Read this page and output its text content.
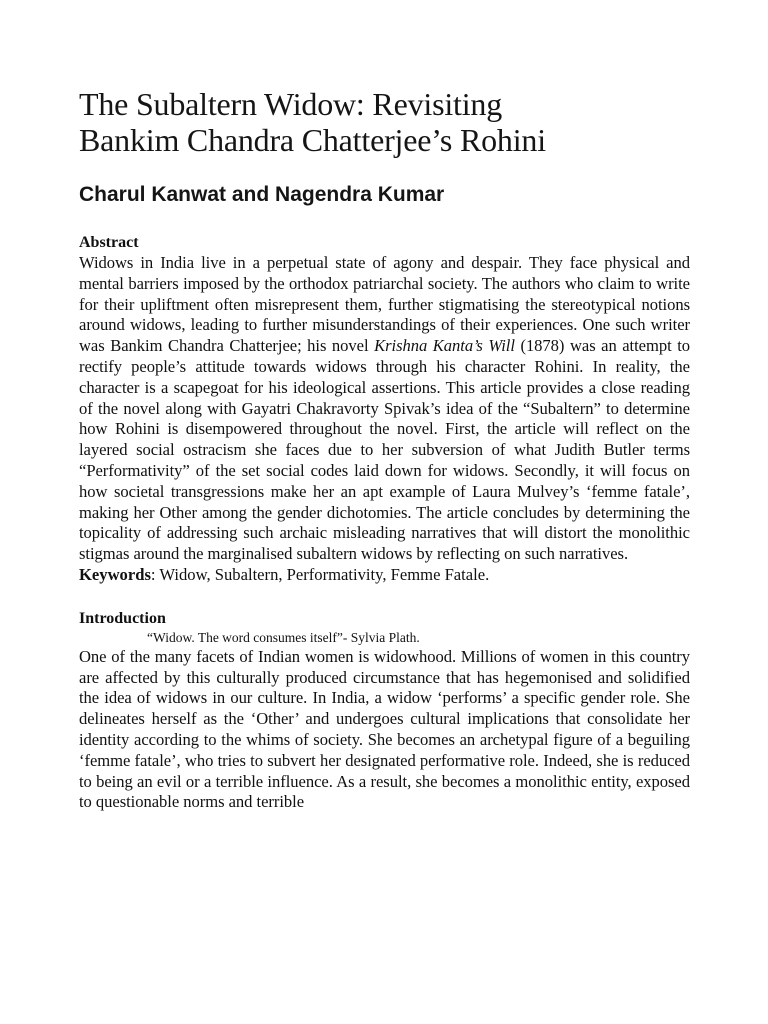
The Subaltern Widow: Revisiting
Bankim Chandra Chatterjee’s Rohini
Charul Kanwat and Nagendra Kumar
Abstract

Widows in India live in a perpetual state of agony and despair. They face physical and mental barriers imposed by the orthodox patriarchal society. The authors who claim to write for their upliftment often misrepresent them, further stigmatising the stereotypical notions around widows, leading to further misunderstandings of their experiences. One such writer was Bankim Chandra Chatterjee; his novel Krishna Kanta’s Will (1878) was an attempt to rectify people’s attitude towards widows through his character Rohini. In reality, the character is a scapegoat for his ideological assertions. This article provides a close reading of the novel along with Gayatri Chakravorty Spivak’s idea of the “Subaltern” to determine how Rohini is disempowered throughout the novel. First, the article will reflect on the layered social ostracism she faces due to her subversion of what Judith Butler terms “Performativity” of the set social codes laid down for widows. Secondly, it will focus on how societal transgressions make her an apt example of Laura Mulvey’s ‘femme fatale’, making her Other among the gender dichotomies. The article concludes by determining the topicality of addressing such archaic misleading narratives that will distort the monolithic stigmas around the marginalised subaltern widows by reflecting on such narratives.

Keywords: Widow, Subaltern, Performativity, Femme Fatale.

Introduction

“Widow. The word consumes itself”- Sylvia Plath.

One of the many facets of Indian women is widowhood. Millions of women in this country are affected by this culturally produced circumstance that has hegemonised and solidified the idea of widows in our culture. In India, a widow ‘performs’ a specific gender role. She delineates herself as the ‘Other’ and undergoes cultural implications that consolidate her identity according to the whims of society. She becomes an archetypal figure of a beguiling ‘femme fatale’, who tries to subvert her designated performative role. Indeed, she is reduced to being an evil or a terrible influence. As a result, she becomes a monolithic entity, exposed to questionable norms and terrible
